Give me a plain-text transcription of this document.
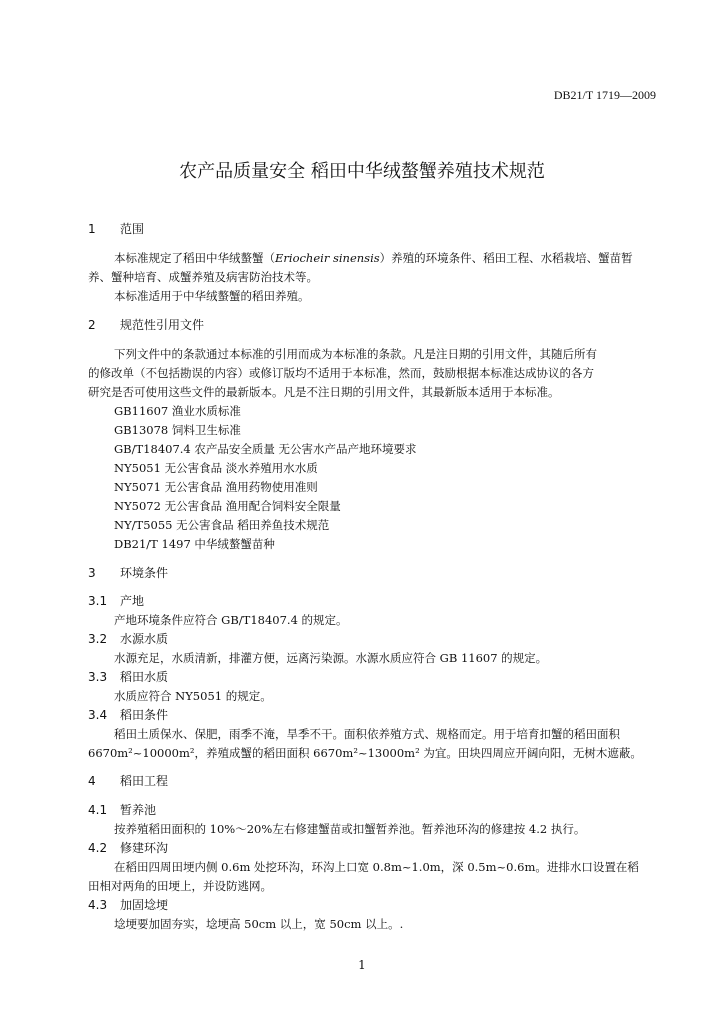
DB21/T 1719—2009
农产品质量安全 稻田中华绒螯蟹养殖技术规范
1 范围
本标准规定了稻田中华绒螯蟹（Eriocheir sinensis）养殖的环境条件、稻田工程、水稻栽培、蟹苗暂
养、蟹种培育、成蟹养殖及病害防治技术等。
本标准适用于中华绒螯蟹的稻田养殖。
2 规范性引用文件
下列文件中的条款通过本标准的引用而成为本标准的条款。凡是注日期的引用文件，其随后所有
的修改单（不包括勘误的内容）或修订版均不适用于本标准，然而，鼓励根据本标准达成协议的各方
研究是否可使用这些文件的最新版本。凡是不注日期的引用文件，其最新版本适用于本标准。
GB11607 渔业水质标准
GB13078 饲料卫生标准
GB/T18407.4 农产品安全质量 无公害水产品产地环境要求
NY5051 无公害食品 淡水养殖用水水质
NY5071 无公害食品 渔用药物使用准则
NY5072 无公害食品 渔用配合饲料安全限量
NY/T5055 无公害食品 稻田养鱼技术规范
DB21/T 1497 中华绒螯蟹苗种
3 环境条件
3.1 产地
产地环境条件应符合 GB/T18407.4 的规定。
3.2 水源水质
水源充足，水质清新，排灌方便，远离污染源。水源水质应符合 GB 11607 的规定。
3.3 稻田水质
水质应符合 NY5051 的规定。
3.4 稻田条件
稻田土质保水、保肥，雨季不淹，旱季不干。面积依养殖方式、规格而定。用于培育扣蟹的稻田面积
6670m²~10000m²，养殖成蟹的稻田面积 6670m²~13000m² 为宜。田块四周应开阔向阳，无树木遮蔽。
4 稻田工程
4.1 暂养池
按养殖稻田面积的 10%～20%左右修建蟹苗或扣蟹暂养池。暂养池环沟的修建按 4.2 执行。
4.2 修建环沟
在稻田四周田埂内侧 0.6m 处挖环沟，环沟上口宽 0.8m~1.0m，深 0.5m~0.6m。进排水口设置在稻
田相对两角的田埂上，并设防逃网。
4.3 加固埝埂
埝埂要加固夯实，埝埂高 50cm 以上，宽 50cm 以上。.
1
